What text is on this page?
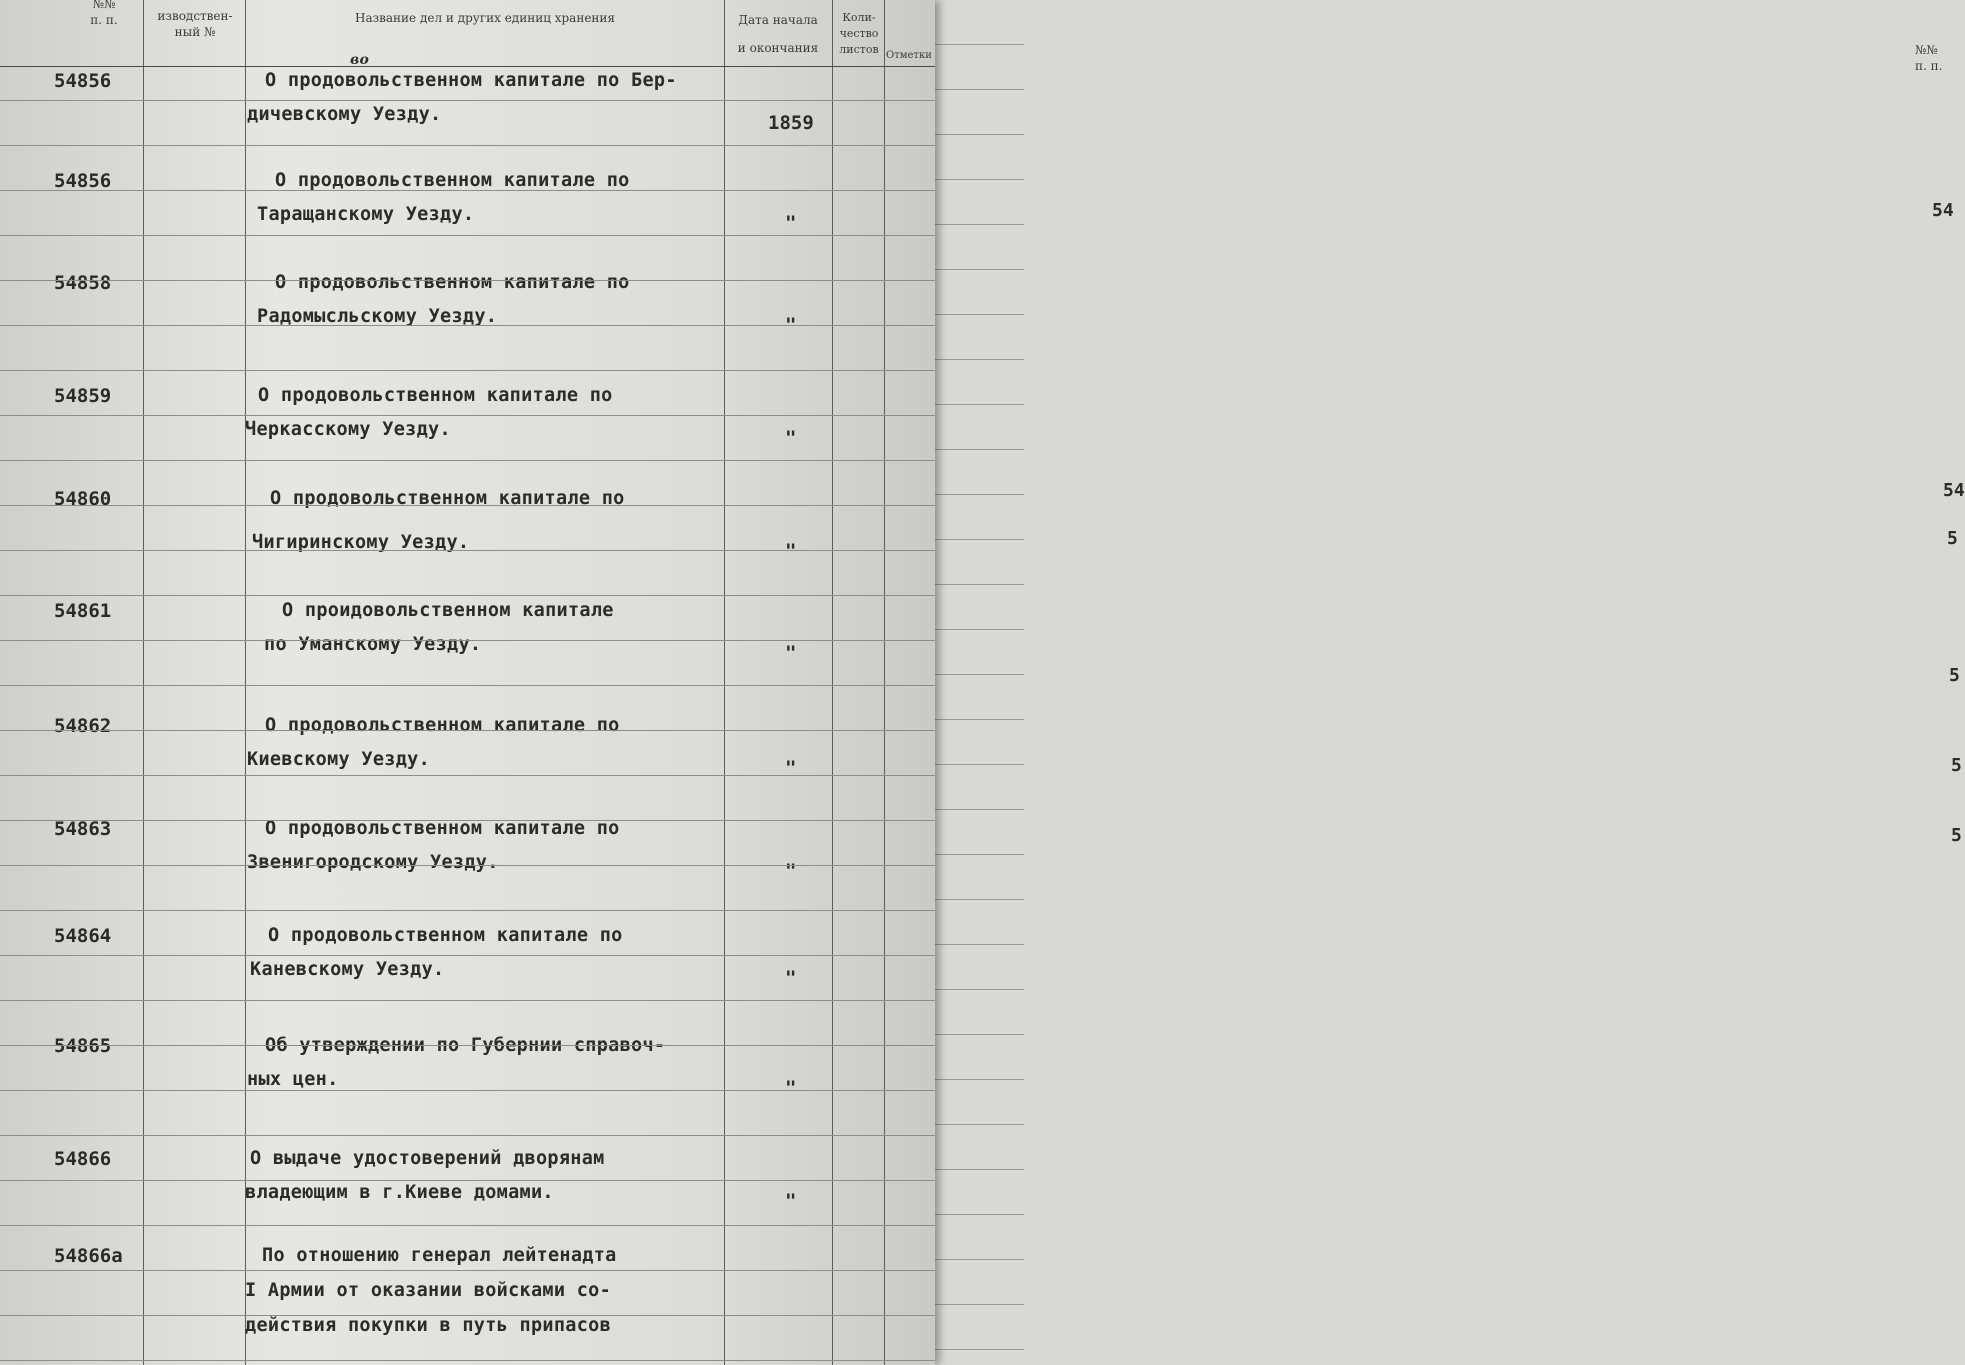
№№
п. п.
54
54
5
5
5
5
№№
п. п.	изводствен-
ный №
Название дел и других единиц хранения	Дата начала
и окончания
Коли-
чество
листов Отметки
54856	О продовольственном капитале по Бер-
дичевскому Уезду.	1859
во
54856	О продовольственном капитале по
Таращанскому Уезду.	"
54858	О продовольственном капитале по
Радомысльскому Уезду.	"
54859	О продовольственном капитале по
Черкасскому Уезду.	"
54860	О продовольственном капитале по
Чигиринскому Уезду.	"
54861	О проидовольственном капитале
по Уманскому Уезду.	"
54862	О продовольственном капитале по
Киевскому Уезду.	"
54863	О продовольственном капитале по
Звенигородскому Уезду.	"
54864	О продовольственном капитале по
Каневскому Уезду.	"
54865	Об утверждении по Губернии справоч-
ных цен.	"
54866	О выдаче удостоверений дворянам
владеющим в г.Киеве домами.	"
54866а	По отношению генерал лейтенадта
I Армии от оказании войсками со-
действия покупки в путь припасов
